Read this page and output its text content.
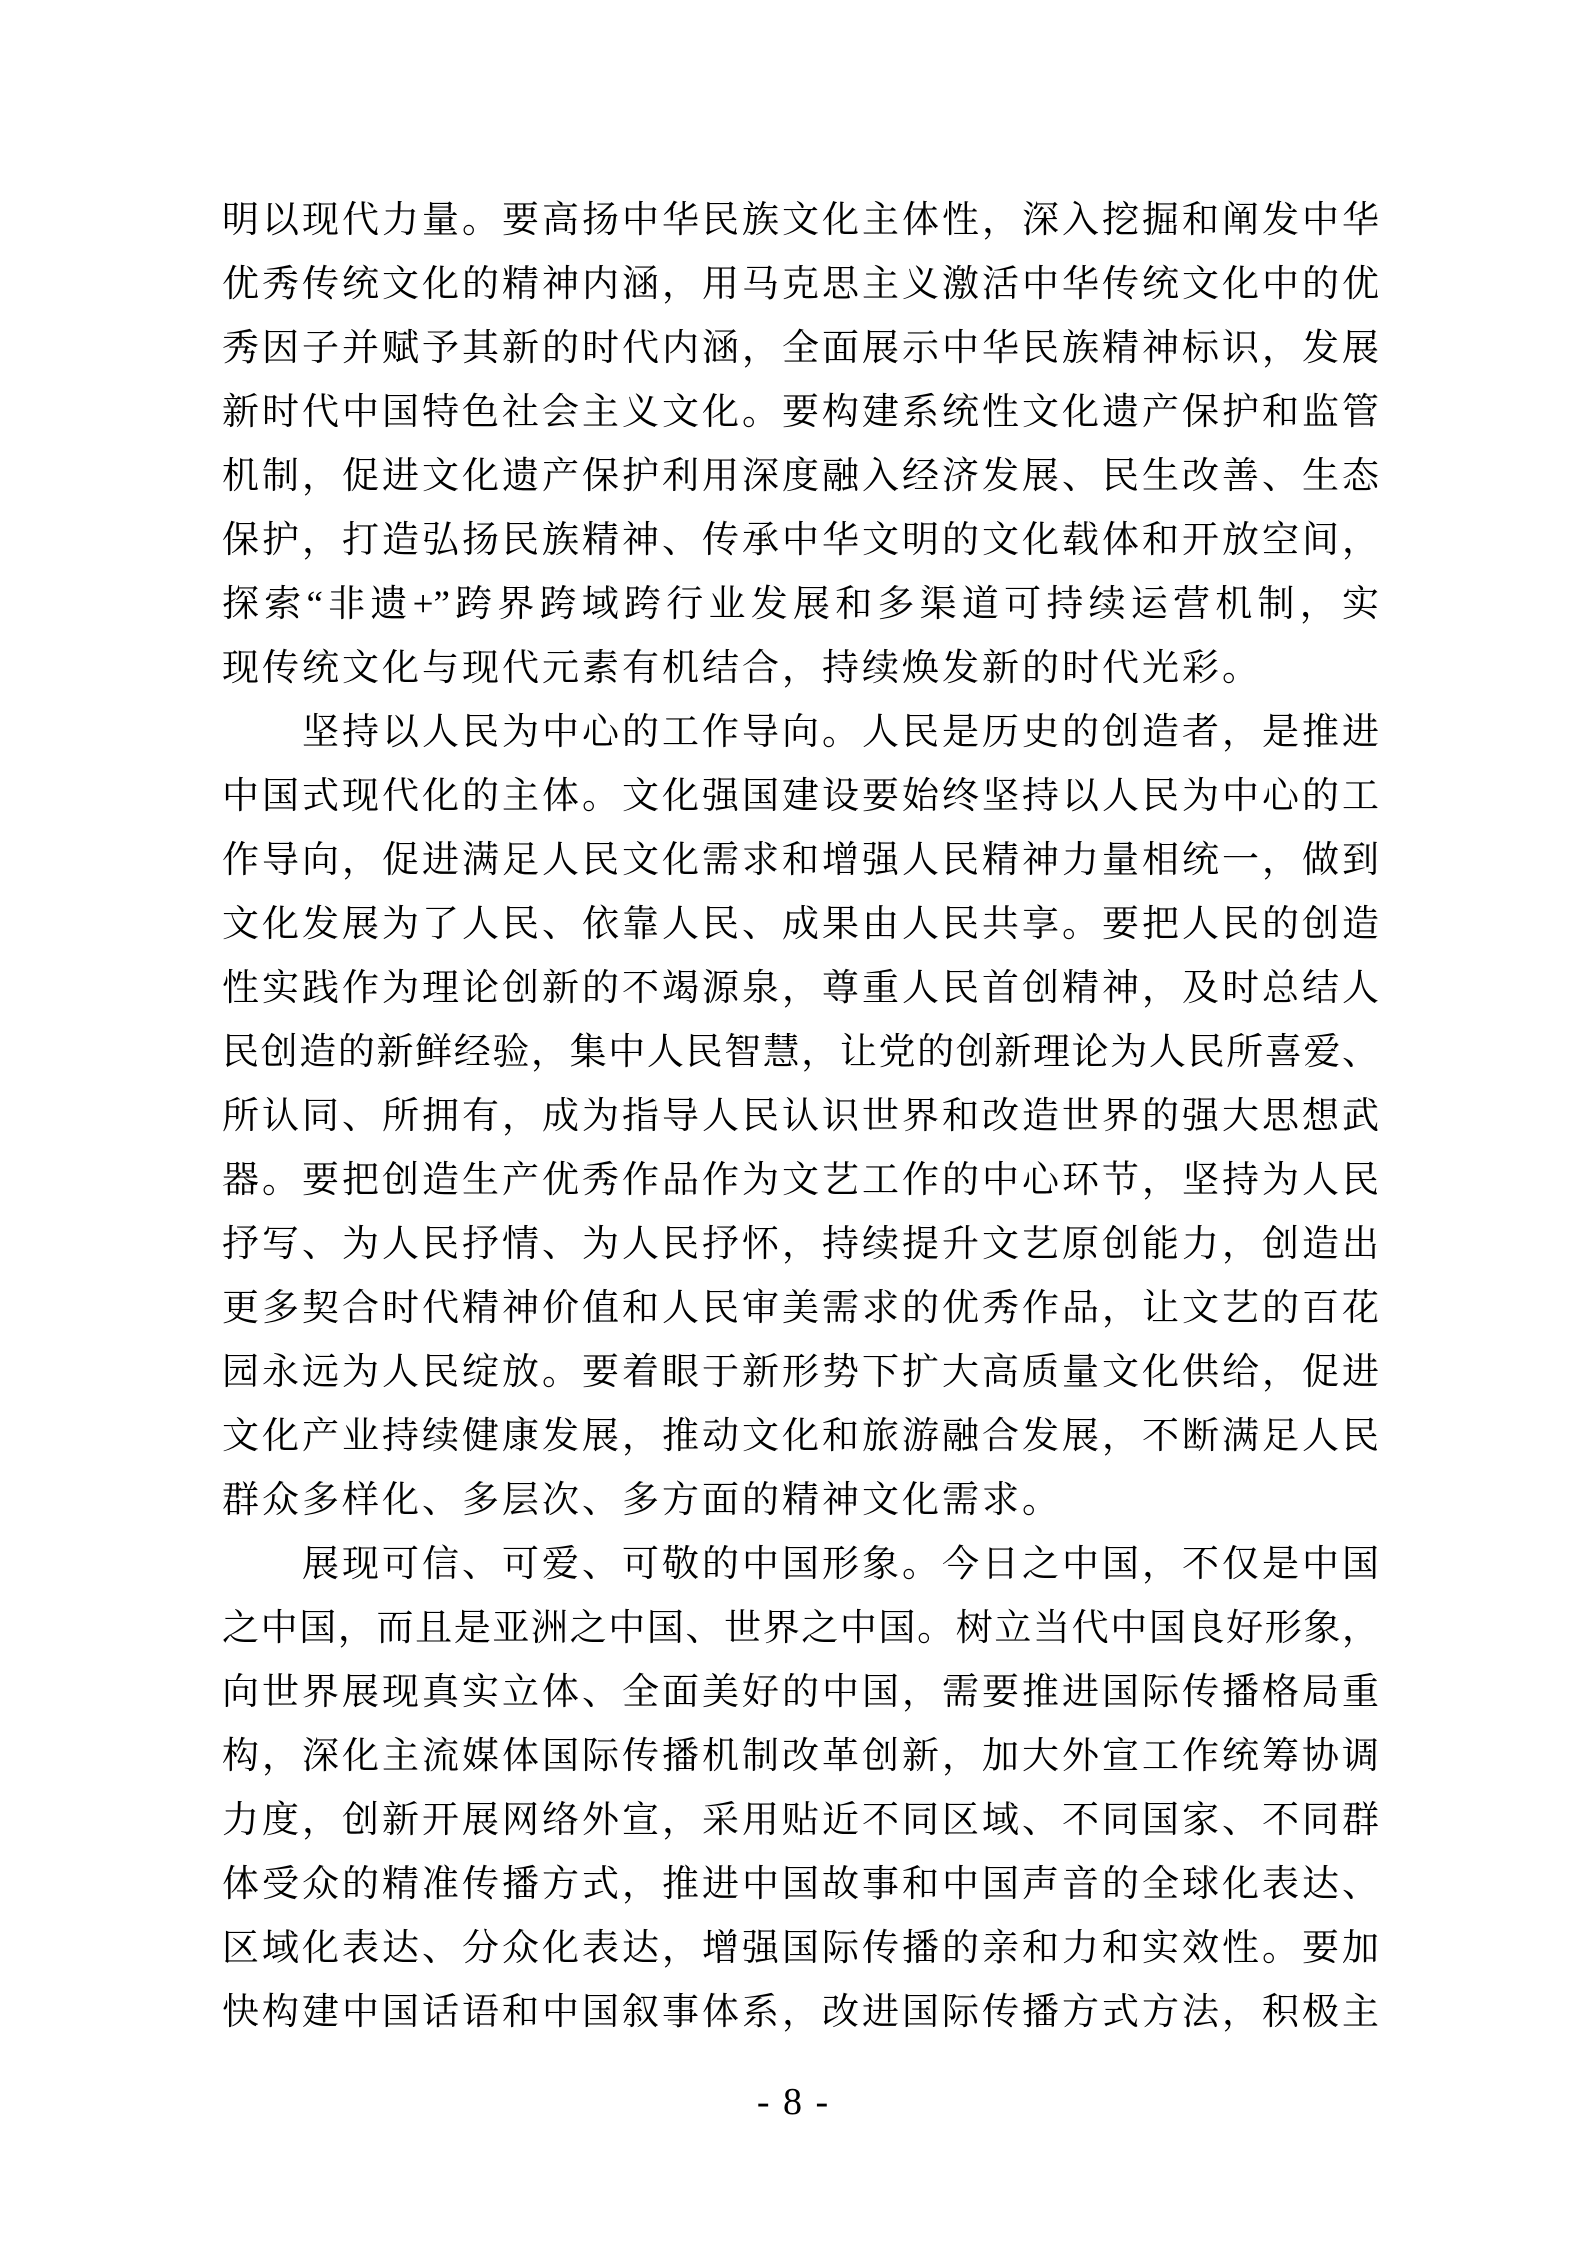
明以现代力量。要高扬中华民族文化主体性，深入挖掘和阐发中华
优秀传统文化的精神内涵，用马克思主义激活中华传统文化中的优
秀因子并赋予其新的时代内涵，全面展示中华民族精神标识，发展
新时代中国特色社会主义文化。要构建系统性文化遗产保护和监管
机制，促进文化遗产保护利用深度融入经济发展、民生改善、生态
保护，打造弘扬民族精神、传承中华文明的文化载体和开放空间，
探索“非遗+”跨界跨域跨行业发展和多渠道可持续运营机制，实
现传统文化与现代元素有机结合，持续焕发新的时代光彩。
坚持以人民为中心的工作导向。人民是历史的创造者，是推进
中国式现代化的主体。文化强国建设要始终坚持以人民为中心的工
作导向，促进满足人民文化需求和增强人民精神力量相统一，做到
文化发展为了人民、依靠人民、成果由人民共享。要把人民的创造
性实践作为理论创新的不竭源泉，尊重人民首创精神，及时总结人
民创造的新鲜经验，集中人民智慧，让党的创新理论为人民所喜爱、
所认同、所拥有，成为指导人民认识世界和改造世界的强大思想武
器。要把创造生产优秀作品作为文艺工作的中心环节，坚持为人民
抒写、为人民抒情、为人民抒怀，持续提升文艺原创能力，创造出
更多契合时代精神价值和人民审美需求的优秀作品，让文艺的百花
园永远为人民绽放。要着眼于新形势下扩大高质量文化供给，促进
文化产业持续健康发展，推动文化和旅游融合发展，不断满足人民
群众多样化、多层次、多方面的精神文化需求。
展现可信、可爱、可敬的中国形象。今日之中国，不仅是中国
之中国，而且是亚洲之中国、世界之中国。树立当代中国良好形象，
向世界展现真实立体、全面美好的中国，需要推进国际传播格局重
构，深化主流媒体国际传播机制改革创新，加大外宣工作统筹协调
力度，创新开展网络外宣，采用贴近不同区域、不同国家、不同群
体受众的精准传播方式，推进中国故事和中国声音的全球化表达、
区域化表达、分众化表达，增强国际传播的亲和力和实效性。要加
快构建中国话语和中国叙事体系，改进国际传播方式方法，积极主
- 8 -
